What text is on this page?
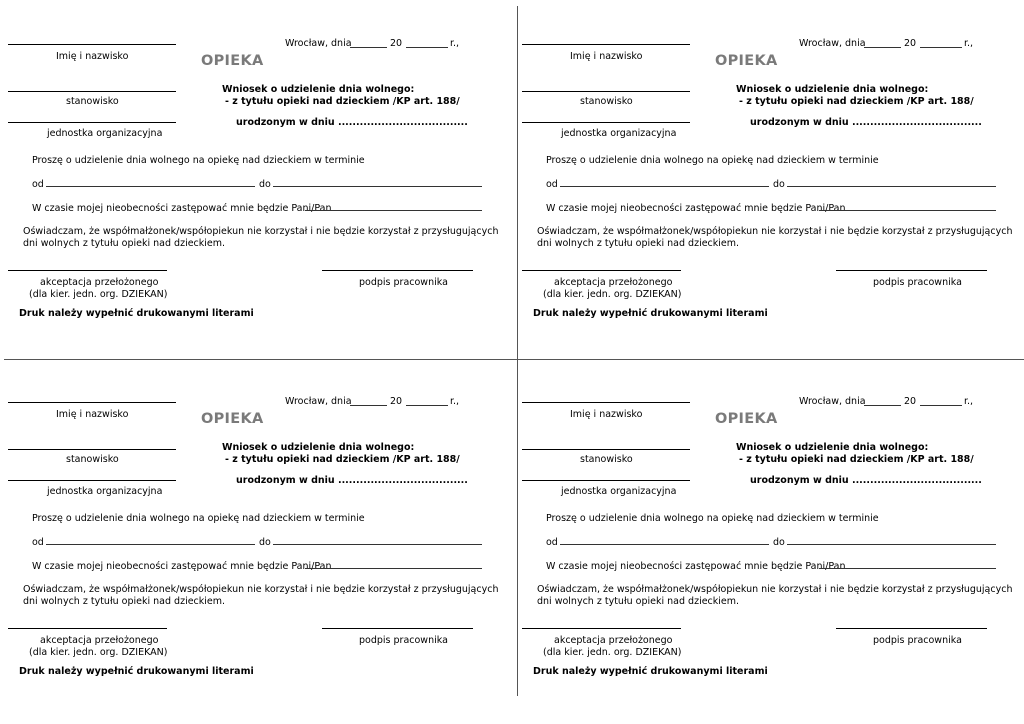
Imię i nazwisko
Wrocław, dnia	20	r.,
OPIEKA
stanowisko
Wniosek o udzielenie dnia wolnego:
- z tytułu opieki nad dzieckiem /KP art. 188/
jednostka organizacyjna
urodzonym w dniu ....................................
Proszę o udzielenie dnia wolnego na opiekę nad dzieckiem w terminie
od	do
W czasie mojej nieobecności zastępować mnie będzie Pani/Pan
Oświadczam, że współmałżonek/współopiekun nie korzystał i nie będzie korzystał z przysługujących
dni wolnych z tytułu opieki nad dzieckiem.
akceptacja przełożonego
(dla kier. jedn. org. DZIEKAN)
podpis pracownika
Druk należy wypełnić drukowanymi literami
Imię i nazwisko
Wrocław, dnia	20	r.,
OPIEKA
stanowisko
Wniosek o udzielenie dnia wolnego:
- z tytułu opieki nad dzieckiem /KP art. 188/
jednostka organizacyjna
urodzonym w dniu ....................................
Proszę o udzielenie dnia wolnego na opiekę nad dzieckiem w terminie
od	do
W czasie mojej nieobecności zastępować mnie będzie Pani/Pan
Oświadczam, że współmałżonek/współopiekun nie korzystał i nie będzie korzystał z przysługujących
dni wolnych z tytułu opieki nad dzieckiem.
akceptacja przełożonego
(dla kier. jedn. org. DZIEKAN)
podpis pracownika
Druk należy wypełnić drukowanymi literami
Imię i nazwisko
Wrocław, dnia	20	r.,
OPIEKA
stanowisko
Wniosek o udzielenie dnia wolnego:
- z tytułu opieki nad dzieckiem /KP art. 188/
jednostka organizacyjna
urodzonym w dniu ....................................
Proszę o udzielenie dnia wolnego na opiekę nad dzieckiem w terminie
od	do
W czasie mojej nieobecności zastępować mnie będzie Pani/Pan
Oświadczam, że współmałżonek/współopiekun nie korzystał i nie będzie korzystał z przysługujących
dni wolnych z tytułu opieki nad dzieckiem.
akceptacja przełożonego
(dla kier. jedn. org. DZIEKAN)
podpis pracownika
Druk należy wypełnić drukowanymi literami
Imię i nazwisko
Wrocław, dnia	20	r.,
OPIEKA
stanowisko
Wniosek o udzielenie dnia wolnego:
- z tytułu opieki nad dzieckiem /KP art. 188/
jednostka organizacyjna
urodzonym w dniu ....................................
Proszę o udzielenie dnia wolnego na opiekę nad dzieckiem w terminie
od	do
W czasie mojej nieobecności zastępować mnie będzie Pani/Pan
Oświadczam, że współmałżonek/współopiekun nie korzystał i nie będzie korzystał z przysługujących
dni wolnych z tytułu opieki nad dzieckiem.
akceptacja przełożonego
(dla kier. jedn. org. DZIEKAN)
podpis pracownika
Druk należy wypełnić drukowanymi literami
